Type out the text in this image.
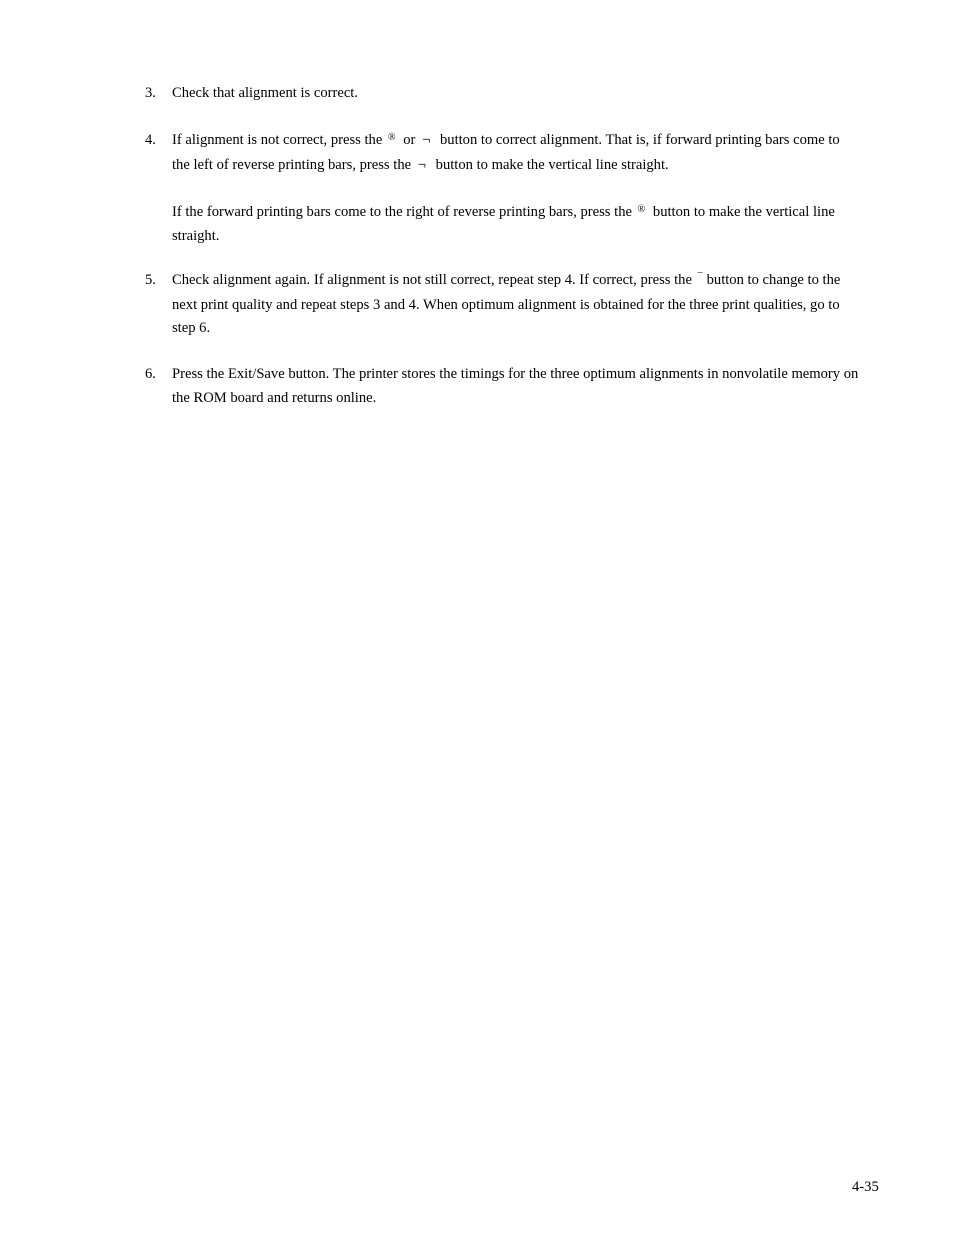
3.	Check that alignment is correct.

4.	If alignment is not correct, press the ® or ¬ button to correct alignment. That is, if forward printing bars come to the left of reverse printing bars, press the ¬ button to make the vertical line straight.

If the forward printing bars come to the right of reverse printing bars, press the ® button to make the vertical line straight.

5.	Check alignment again. If alignment is not still correct, repeat step 4. If correct, press the ¯ button to change to the next print quality and repeat steps 3 and 4. When optimum alignment is obtained for the three print qualities, go to step 6.

6.	Press the Exit/Save button. The printer stores the timings for the three optimum alignments in nonvolatile memory on the ROM board and returns online.

4-35
